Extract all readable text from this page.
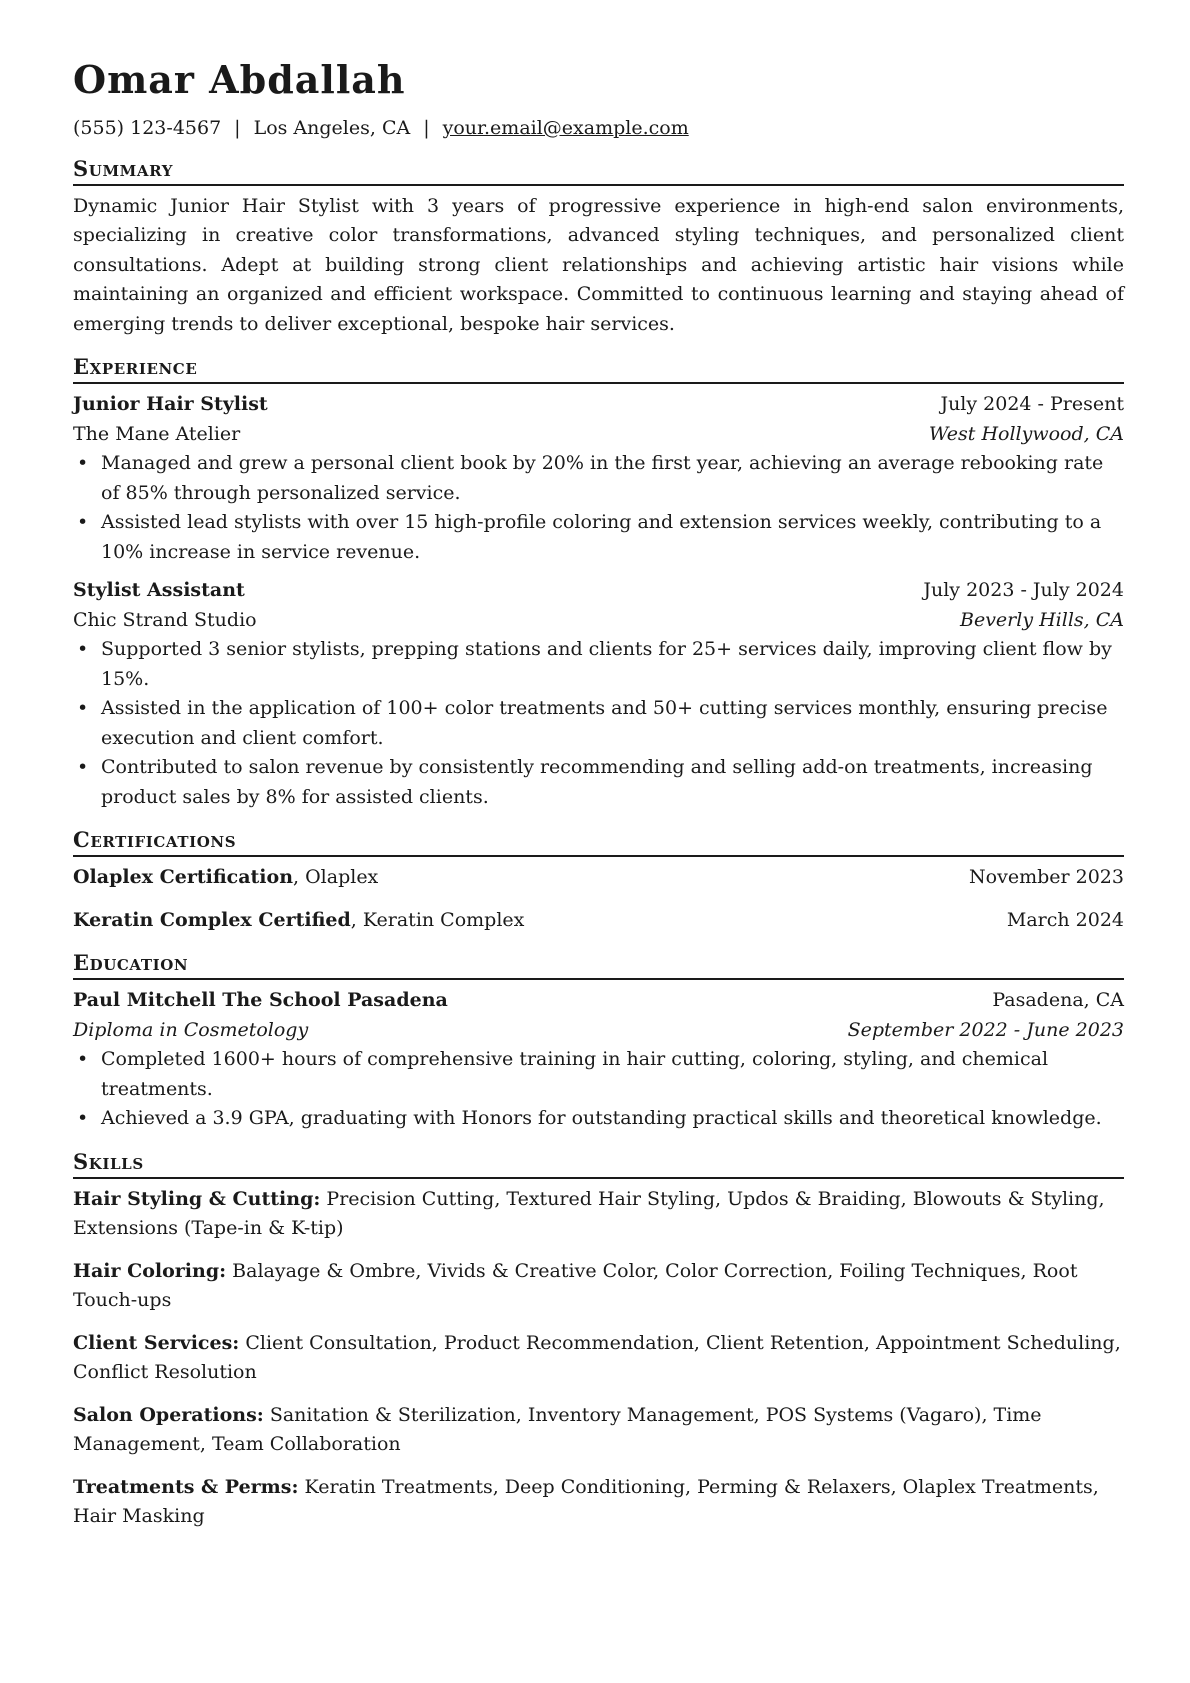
Omar Abdallah
(555) 123-4567 | Los Angeles, CA | your.email@example.com
Summary
Dynamic Junior Hair Stylist with 3 years of progressive experience in high-end salon environments, specializing in creative color transformations, advanced styling techniques, and personalized client consultations. Adept at building strong client relationships and achieving artistic hair visions while maintaining an organized and efficient workspace. Committed to continuous learning and staying ahead of emerging trends to deliver exceptional, bespoke hair services.
Experience
Junior Hair Stylist	July 2024 - Present
The Mane Atelier	West Hollywood, CA
• Managed and grew a personal client book by 20% in the first year, achieving an average rebooking rate of 85% through personalized service.
• Assisted lead stylists with over 15 high-profile coloring and extension services weekly, contributing to a 10% increase in service revenue.
Stylist Assistant	July 2023 - July 2024
Chic Strand Studio	Beverly Hills, CA
• Supported 3 senior stylists, prepping stations and clients for 25+ services daily, improving client flow by 15%.
• Assisted in the application of 100+ color treatments and 50+ cutting services monthly, ensuring precise execution and client comfort.
• Contributed to salon revenue by consistently recommending and selling add-on treatments, increasing product sales by 8% for assisted clients.
Certifications
Olaplex Certification, Olaplex	November 2023
Keratin Complex Certified, Keratin Complex	March 2024
Education
Paul Mitchell The School Pasadena	Pasadena, CA
Diploma in Cosmetology	September 2022 - June 2023
• Completed 1600+ hours of comprehensive training in hair cutting, coloring, styling, and chemical treatments.
• Achieved a 3.9 GPA, graduating with Honors for outstanding practical skills and theoretical knowledge.
Skills
Hair Styling & Cutting: Precision Cutting, Textured Hair Styling, Updos & Braiding, Blowouts & Styling, Extensions (Tape-in & K-tip)
Hair Coloring: Balayage & Ombre, Vivids & Creative Color, Color Correction, Foiling Techniques, Root Touch-ups
Client Services: Client Consultation, Product Recommendation, Client Retention, Appointment Scheduling, Conflict Resolution
Salon Operations: Sanitation & Sterilization, Inventory Management, POS Systems (Vagaro), Time Management, Team Collaboration
Treatments & Perms: Keratin Treatments, Deep Conditioning, Perming & Relaxers, Olaplex Treatments, Hair Masking
